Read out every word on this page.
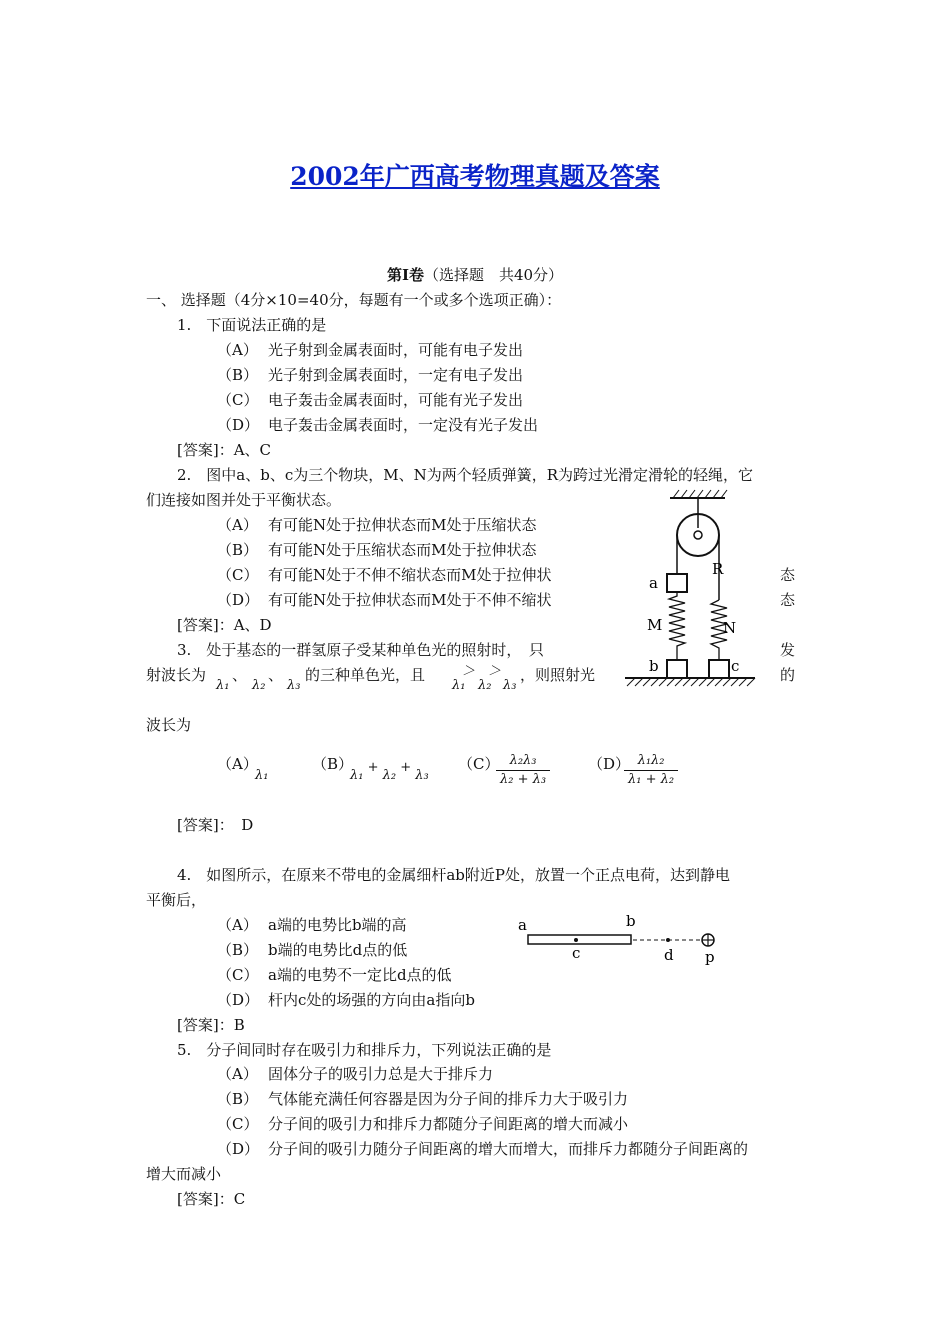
2002年广西高考物理真题及答案
第Ⅰ卷（选择题　共40分）
一、 选择题（4分×10=40分，每题有一个或多个选项正确）：
1.　下面说法正确的是
（A） 光子射到金属表面时，可能有电子发出
（B） 光子射到金属表面时，一定有电子发出
（C） 电子轰击金属表面时，可能有光子发出
（D） 电子轰击金属表面时，一定没有光子发出
[答案]：A、C
2.　图中a、b、c为三个物块，M、N为两个轻质弹簧，R为跨过光滑定滑轮的轻绳，它
们连接如图并处于平衡状态。
（A） 有可能N处于拉伸状态而M处于压缩状态
（B） 有可能N处于压缩状态而M处于拉伸状态
（C） 有可能N处于不伸不缩状态而M处于拉伸状	态
（D） 有可能N处于拉伸状态而M处于不伸不缩状	态
[答案]：A、D
a
R
M	N
b	c
3.　处于基态的一群氢原子受某种单色光的照射时，　只	发
射波长为
λ₁
、
λ₂
、
λ₃
的三种单色光，且
λ₁
＞
λ₂
＞
λ₃
，则照射光	的
波长为
（A）
λ₁
（B）
λ₁ + λ₂ + λ₃
（C）
$\frac{\text{λ₂λ₃}}{\text{λ₂ + λ₃}}$	（D）
$\frac{\text{λ₁λ₂}}{\text{λ₁ + λ₂}}$
[答案]：　D
4.　如图所示，在原来不带电的金属细杆ab附近P处，放置一个正点电荷，达到静电
平衡后，
（A） a端的电势比b端的高
（B） b端的电势比d点的低
（C） a端的电势不一定比d点的低
（D） 杆内c处的场强的方向由a指向b
[答案]：B
a	b
c	d p
5.　分子间同时存在吸引力和排斥力，下列说法正确的是
（A） 固体分子的吸引力总是大于排斥力
（B） 气体能充满任何容器是因为分子间的排斥力大于吸引力
（C） 分子间的吸引力和排斥力都随分子间距离的增大而减小
（D） 分子间的吸引力随分子间距离的增大而增大，而排斥力都随分子间距离的
增大而减小
[答案]：C
